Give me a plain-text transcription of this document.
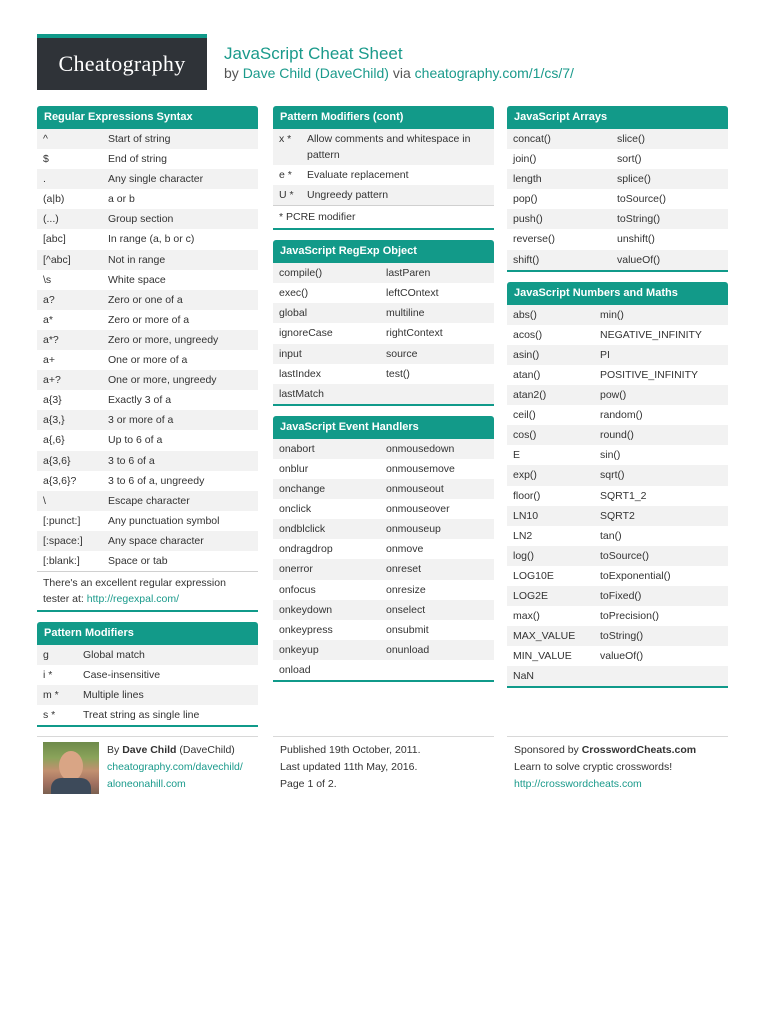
Cheatography JavaScript Cheat Sheet
by Dave Child (DaveChild) via cheatography.com/1/cs/7/
Regular Expressions Syntax
^	Start of string
$	End of string
.	Any single character
(a|b)	a or b
(...)	Group section
[abc]	In range (a, b or c)
[^abc]	Not in range
\s	White space
a?	Zero or one of a
a*	Zero or more of a
a*?	Zero or more, ungreedy
a+	One or more of a
a+?	One or more, ungreedy
a{3}	Exactly 3 of a
a{3,}	3 or more of a
a{,6}	Up to 6 of a
a{3,6}	3 to 6 of a
a{3,6}?	3 to 6 of a, ungreedy
\	Escape character
[:punct:]	Any punctuation symbol
[:space:]	Any space character
[:blank:]	Space or tab
There's an excellent regular expression tester at: http://regexpal.com/
Pattern Modifiers
g	Global match
i *	Case-insensitive
m *	Multiple lines
s *	Treat string as single line
Pattern Modifiers (cont)
x *	Allow comments and whitespace in pattern
e *	Evaluate replacement
U *	Ungreedy pattern
* PCRE modifier
JavaScript RegExp Object
compile()	lastParen
exec()	leftCOntext
global	multiline
ignoreCase	rightContext
input	source
lastIndex	test()
lastMatch
JavaScript Event Handlers
onabort	onmousedown
onblur	onmousemove
onchange	onmouseout
onclick	onmouseover
ondblclick	onmouseup
ondragdrop	onmove
onerror	onreset
onfocus	onresize
onkeydown	onselect
onkeypress	onsubmit
onkeyup	onunload
onload
JavaScript Arrays
concat()	slice()
join()	sort()
length	splice()
pop()	toSource()
push()	toString()
reverse()	unshift()
shift()	valueOf()
JavaScript Numbers and Maths
abs()	min()
acos()	NEGATIVE_INFINITY
asin()	PI
atan()	POSITIVE_INFINITY
atan2()	pow()
ceil()	random()
cos()	round()
E	sin()
exp()	sqrt()
floor()	SQRT1_2
LN10	SQRT2
LN2	tan()
log()	toSource()
LOG10E	toExponential()
LOG2E	toFixed()
max()	toPrecision()
MAX_VALUE	toString()
MIN_VALUE	valueOf()
NaN
By Dave Child (DaveChild)
cheatography.com/davechild/
aloneonahill.com
Published 19th October, 2011.
Last updated 11th May, 2016.
Page 1 of 2.
Sponsored by CrosswordCheats.com
Learn to solve cryptic crosswords!
http://crosswordcheats.com
